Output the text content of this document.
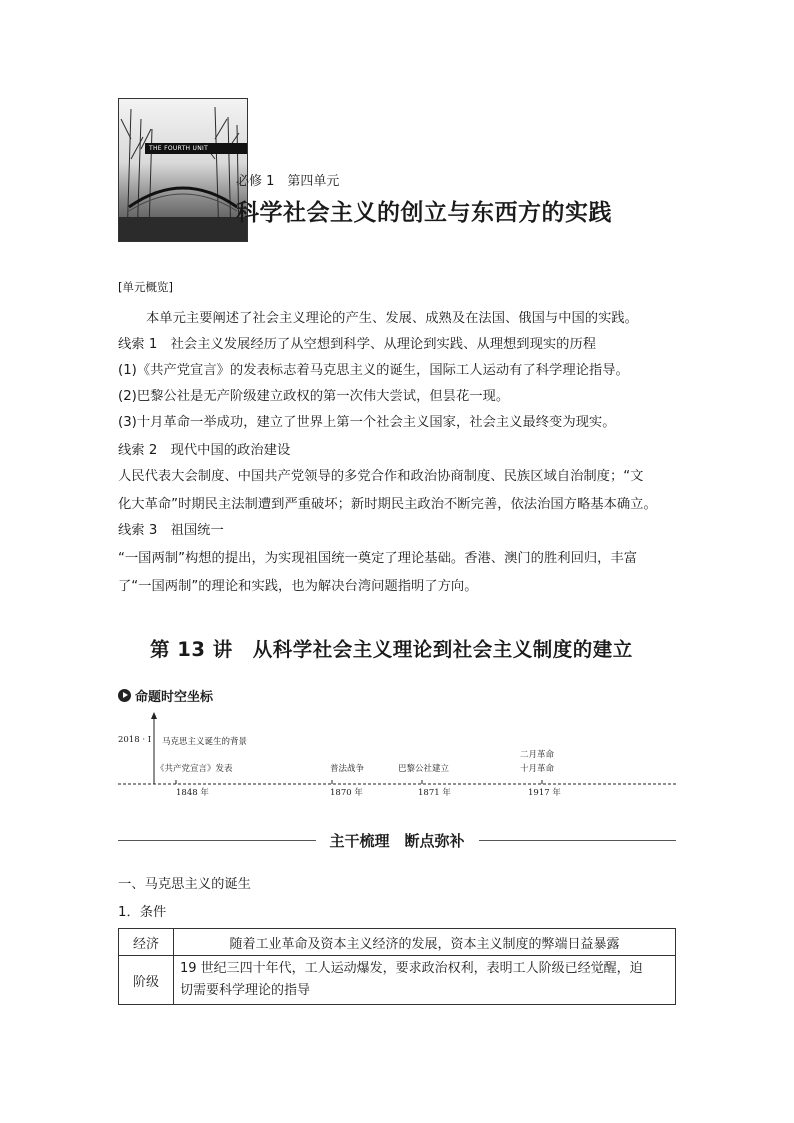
THE FOURTH UNIT
必修 1　第四单元
科学社会主义的创立与东西方的实践
[单元概览]
本单元主要阐述了社会主义理论的产生、发展、成熟及在法国、俄国与中国的实践。
线索 1　社会主义发展经历了从空想到科学、从理论到实践、从理想到现实的历程
(1)《共产党宣言》的发表标志着马克思主义的诞生，国际工人运动有了科学理论指导。
(2)巴黎公社是无产阶级建立政权的第一次伟大尝试，但昙花一现。
(3)十月革命一举成功，建立了世界上第一个社会主义国家，社会主义最终变为现实。
线索 2　现代中国的政治建设
人民代表大会制度、中国共产党领导的多党合作和政治协商制度、民族区域自治制度；“文
化大革命”时期民主法制遭到严重破坏；新时期民主政治不断完善，依法治国方略基本确立。
线索 3　祖国统一
“一国两制”构想的提出，为实现祖国统一奠定了理论基础。香港、澳门的胜利回归，丰富
了“一国两制”的理论和实践，也为解决台湾问题指明了方向。
第 13 讲　从科学社会主义理论到社会主义制度的建立
命题时空坐标
2018 · Ⅰ 马克思主义诞生的背景
《共产党宣言》发表
1848 年
普法战争
1870 年
巴黎公社建立
1871 年
二月革命
十月革命
1917 年
主干梳理　断点弥补
一、马克思主义的诞生
1．条件
经济	随着工业革命及资本主义经济的发展，资本主义制度的弊端日益暴露
阶级	19 世纪三四十年代，工人运动爆发，要求政治权利，表明工人阶级已经觉醒，迫
切需要科学理论的指导
